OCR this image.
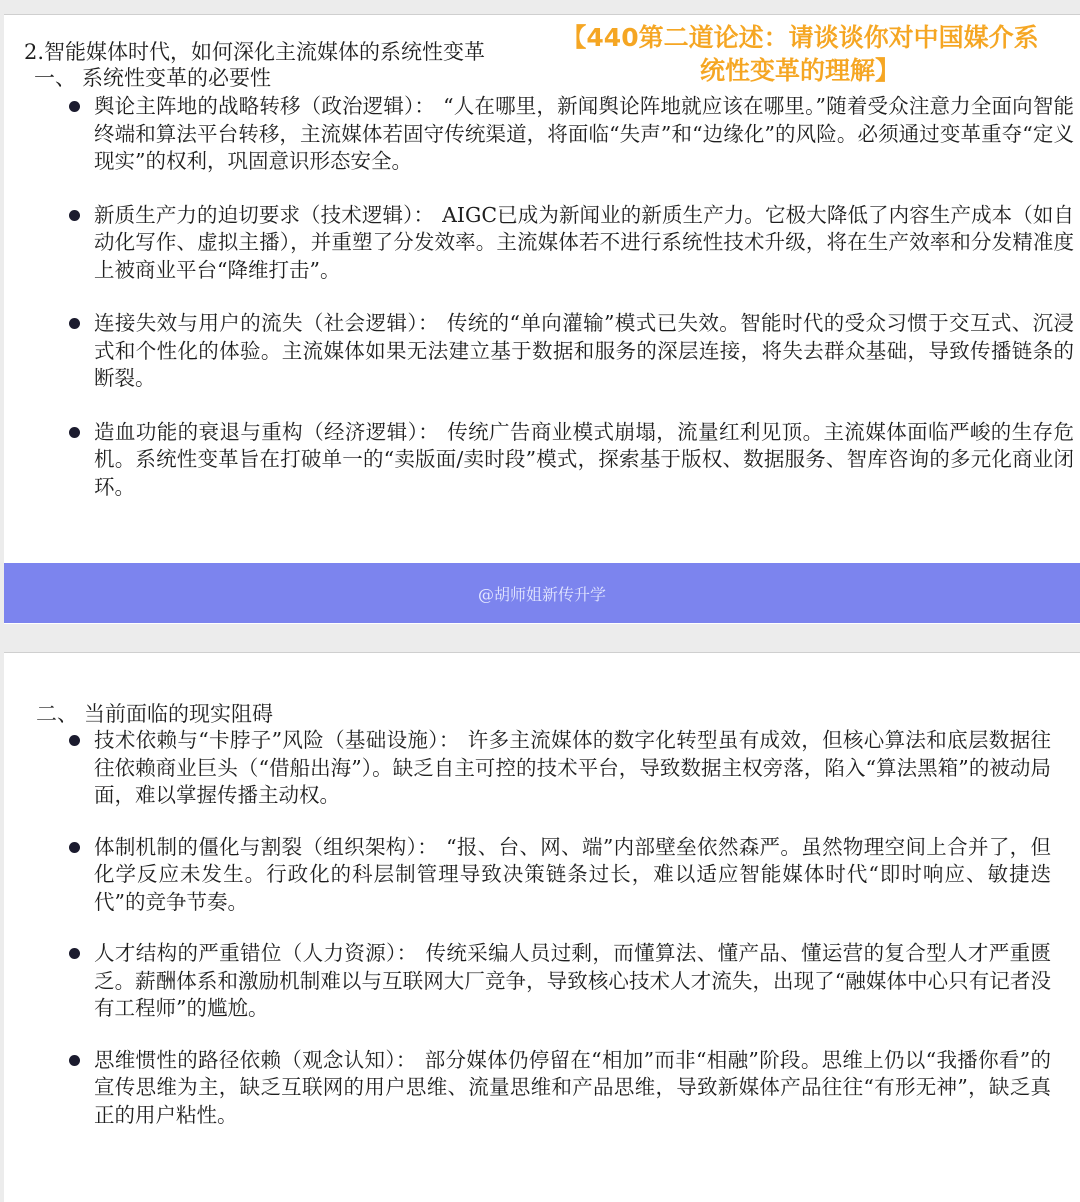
2.智能媒体时代，如何深化主流媒体的系统性变革	【440第二道论述：请谈谈你对中国媒介系统性变革的理解】
一、 系统性变革的必要性
舆论主阵地的战略转移（政治逻辑）： “人在哪里，新闻舆论阵地就应该在哪里。”随着受众注意力全面向智能终端和算法平台转移，主流媒体若固守传统渠道，将面临“失声”和“边缘化”的风险。必须通过变革重夺“定义现实”的权利，巩固意识形态安全。
新质生产力的迫切要求（技术逻辑）： AIGC已成为新闻业的新质生产力。它极大降低了内容生产成本（如自动化写作、虚拟主播），并重塑了分发效率。主流媒体若不进行系统性技术升级，将在生产效率和分发精准度上被商业平台“降维打击”。
连接失效与用户的流失（社会逻辑）： 传统的“单向灌输”模式已失效。智能时代的受众习惯于交互式、沉浸式和个性化的体验。主流媒体如果无法建立基于数据和服务的深层连接，将失去群众基础，导致传播链条的断裂。
造血功能的衰退与重构（经济逻辑）： 传统广告商业模式崩塌，流量红利见顶。主流媒体面临严峻的生存危机。系统性变革旨在打破单一的“卖版面/卖时段”模式，探索基于版权、数据服务、智库咨询的多元化商业闭环。
@胡师姐新传升学
二、 当前面临的现实阻碍
技术依赖与“卡脖子”风险（基础设施）： 许多主流媒体的数字化转型虽有成效，但核心算法和底层数据往往依赖商业巨头（“借船出海”）。缺乏自主可控的技术平台，导致数据主权旁落，陷入“算法黑箱”的被动局面，难以掌握传播主动权。
体制机制的僵化与割裂（组织架构）： “报、台、网、端”内部壁垒依然森严。虽然物理空间上合并了，但化学反应未发生。行政化的科层制管理导致决策链条过长，难以适应智能媒体时代“即时响应、敏捷迭代”的竞争节奏。
人才结构的严重错位（人力资源）： 传统采编人员过剩，而懂算法、懂产品、懂运营的复合型人才严重匮乏。薪酬体系和激励机制难以与互联网大厂竞争，导致核心技术人才流失，出现了“融媒体中心只有记者没有工程师”的尴尬。
思维惯性的路径依赖（观念认知）： 部分媒体仍停留在“相加”而非“相融”阶段。思维上仍以“我播你看”的宣传思维为主，缺乏互联网的用户思维、流量思维和产品思维，导致新媒体产品往往“有形无神”，缺乏真正的用户粘性。
